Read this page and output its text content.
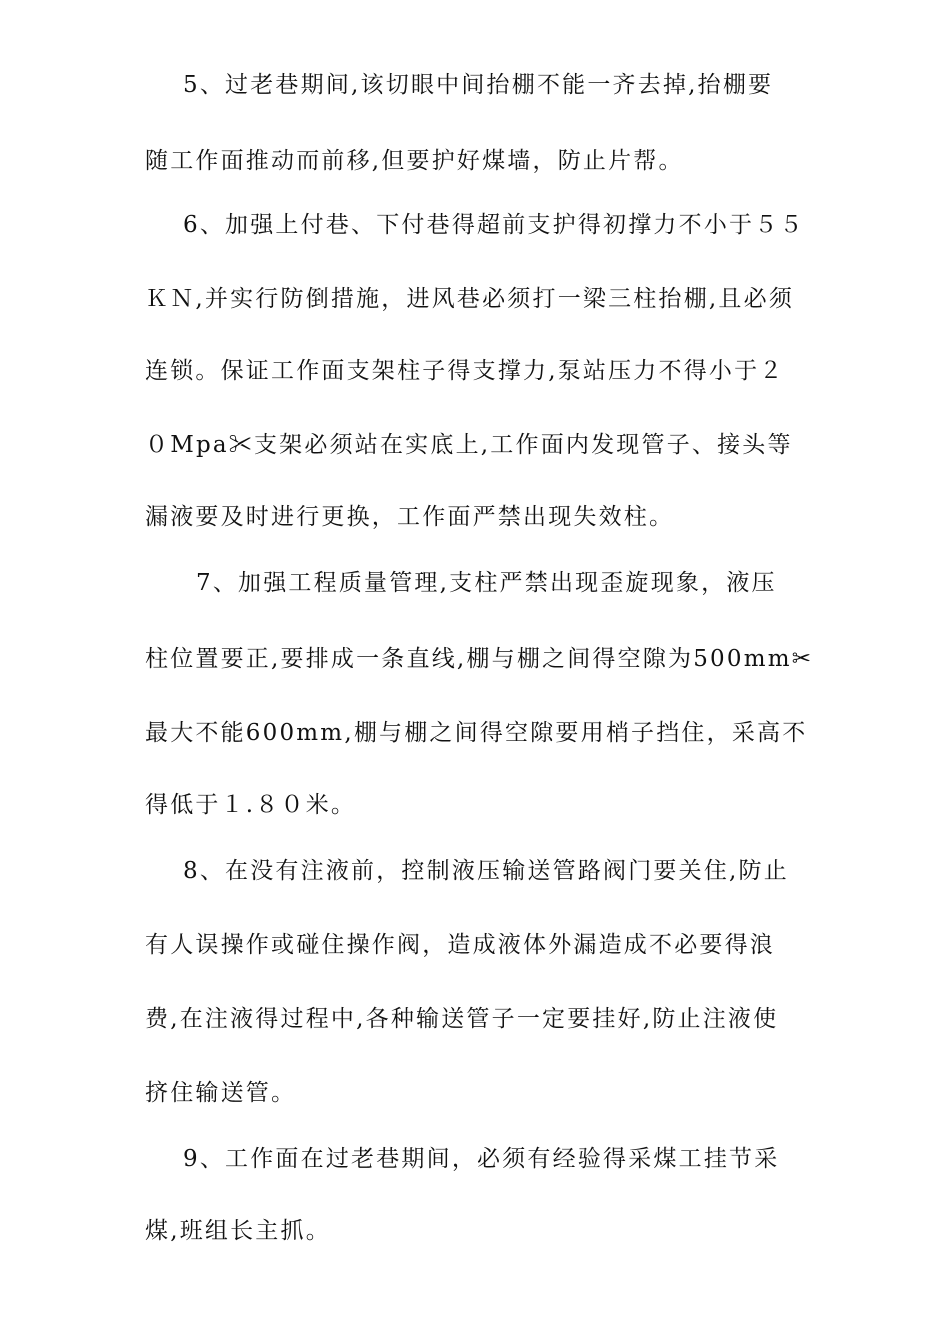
5、过老巷期间,该切眼中间抬棚不能一齐去掉,抬棚要
随工作面推动而前移,但要护好煤墙，防止片帮。
6、加强上付巷、下付巷得超前支护得初撑力不小于５５
ＫＮ,并实行防倒措施，进风巷必须打一梁三柱抬棚,且必须
连锁。保证工作面支架柱子得支撑力,泵站压力不得小于２
０Mpa✂支架必须站在实底上,工作面内发现管子、接头等
漏液要及时进行更换，工作面严禁出现失效柱。
7、加强工程质量管理,支柱严禁出现歪旋现象，液压
柱位置要正,要排成一条直线,棚与棚之间得空隙为500mm✂
最大不能600mm,棚与棚之间得空隙要用梢子挡住，采高不
得低于１.８０米。
8、在没有注液前，控制液压输送管路阀门要关住,防止
有人误操作或碰住操作阀，造成液体外漏造成不必要得浪
费,在注液得过程中,各种输送管子一定要挂好,防止注液使
挤住输送管。
9、工作面在过老巷期间，必须有经验得采煤工挂节采
煤,班组长主抓。
